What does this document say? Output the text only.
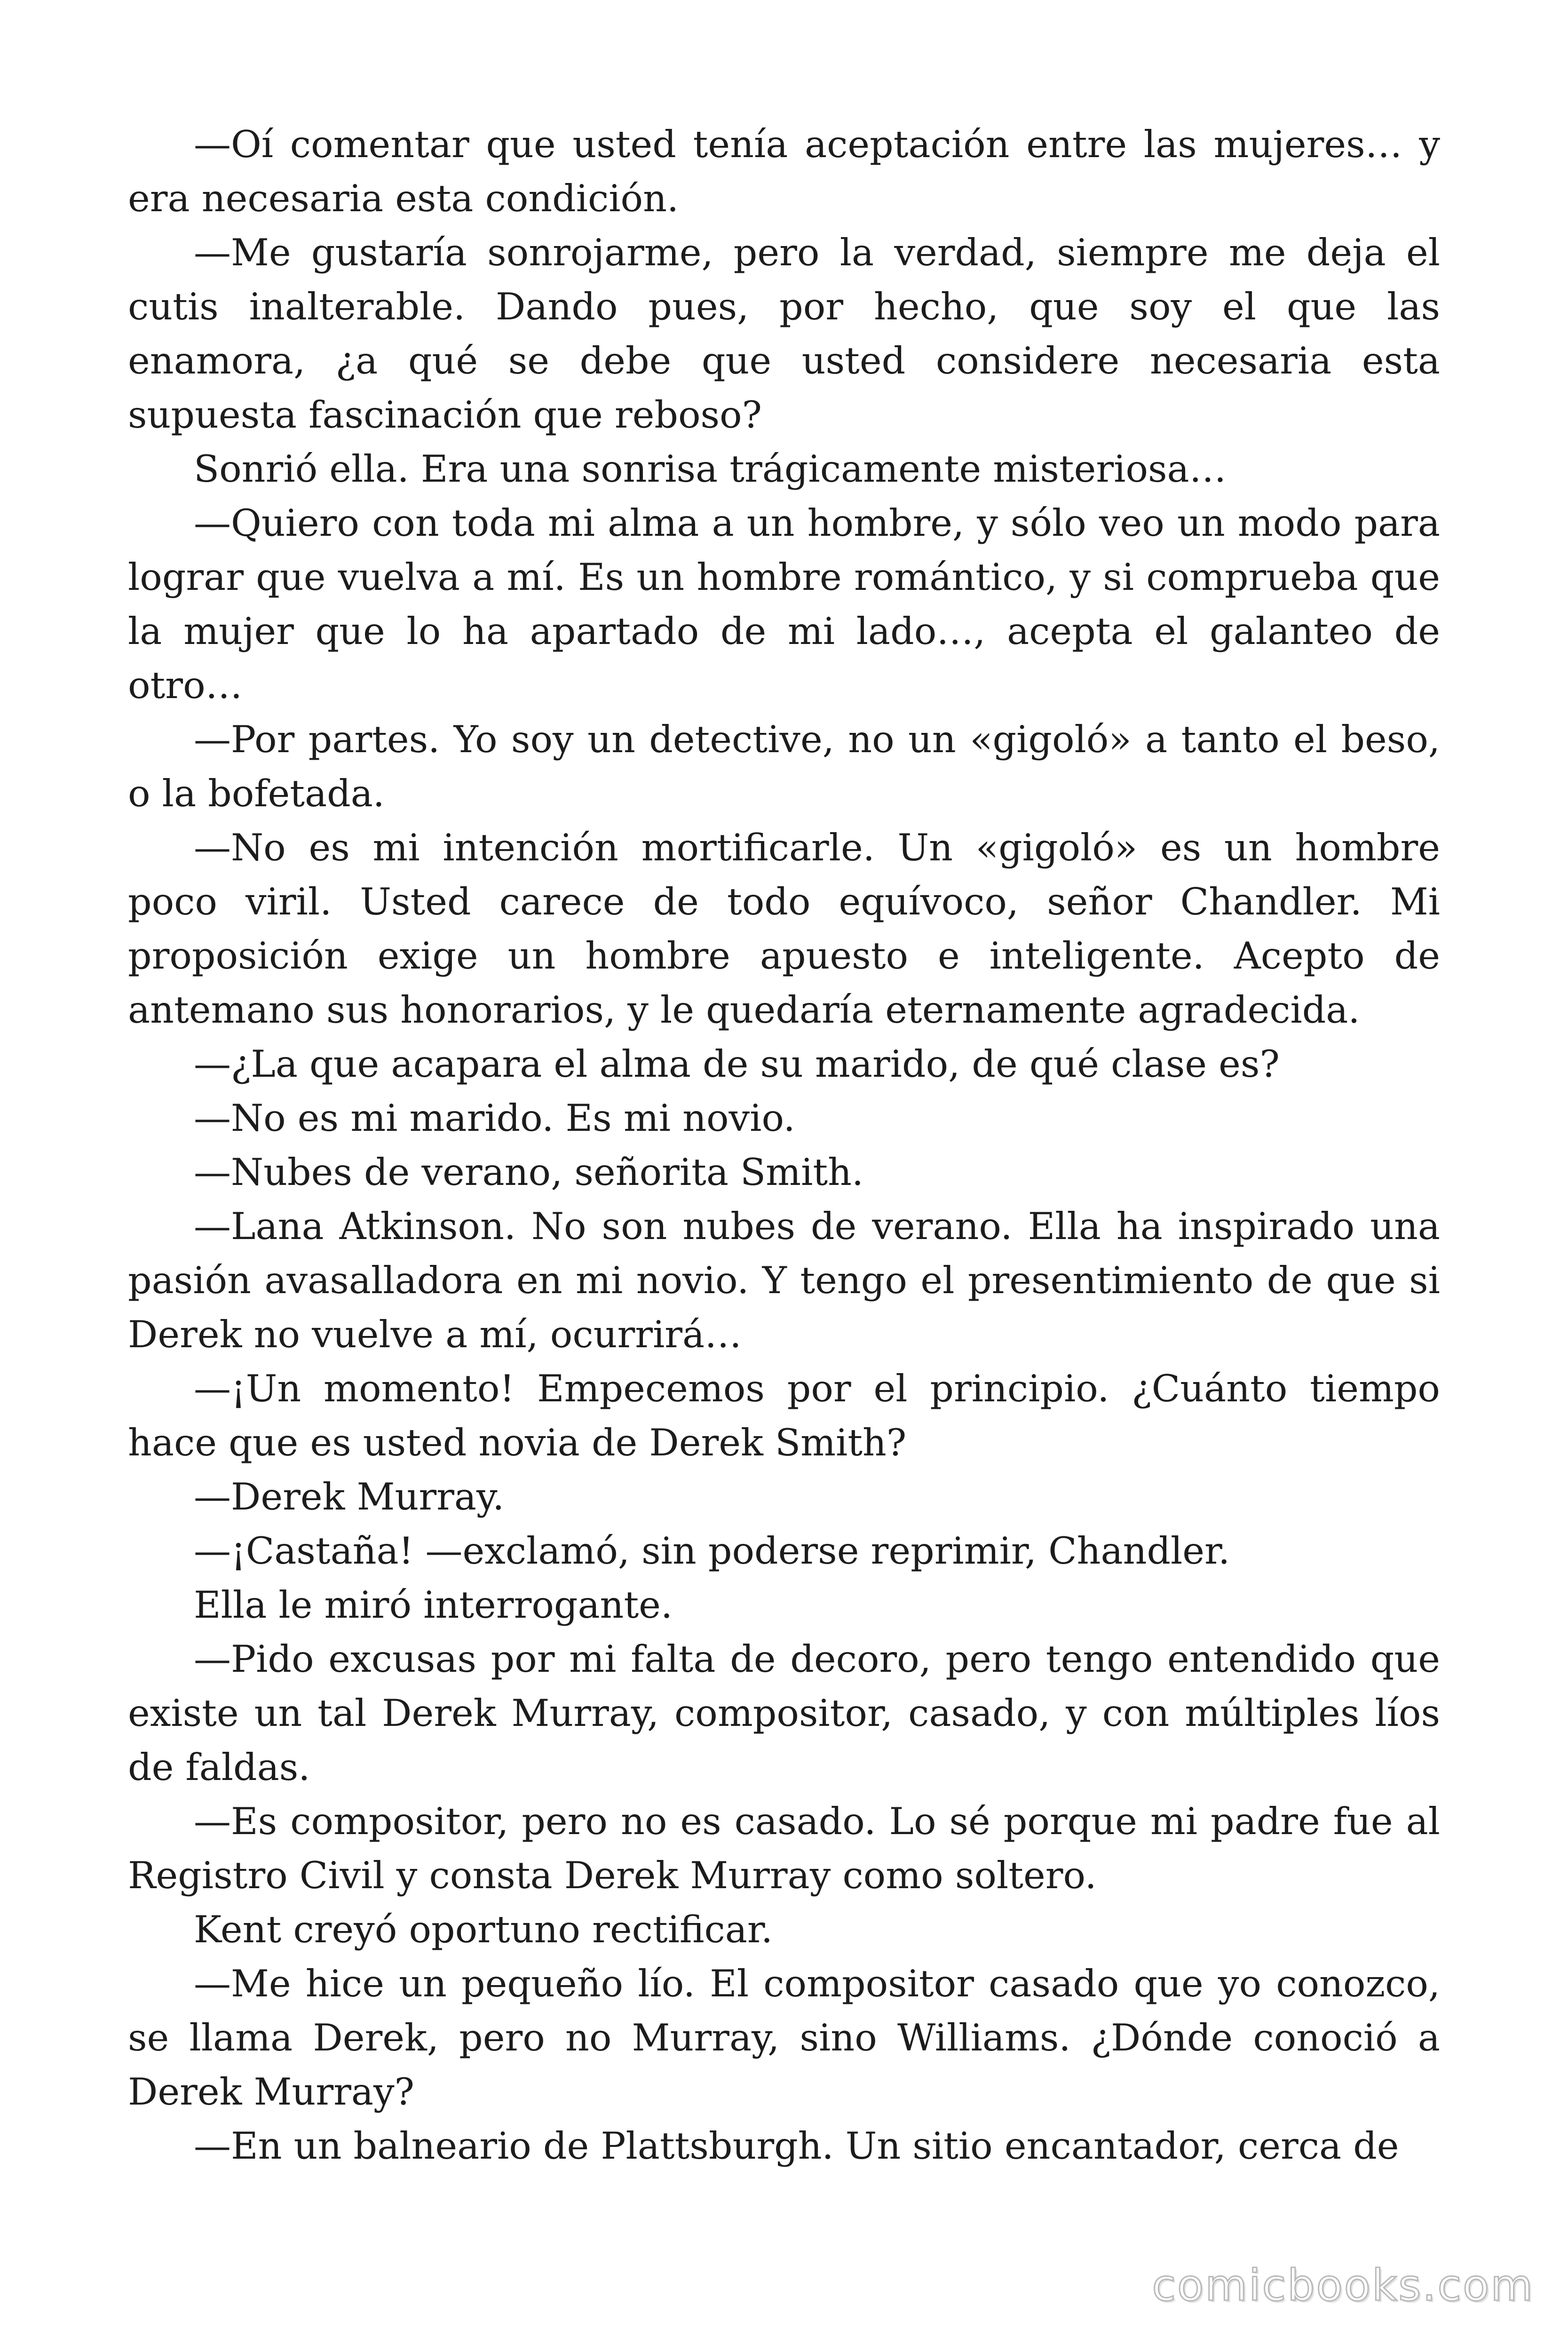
—Oí comentar que usted tenía aceptación entre las mujeres… y era necesaria esta condición.

—Me gustaría sonrojarme, pero la verdad, siempre me deja el cutis inalterable. Dando pues, por hecho, que soy el que las enamora, ¿a qué se debe que usted considere necesaria esta supuesta fascinación que reboso?

Sonrió ella. Era una sonrisa trágicamente misteriosa…

—Quiero con toda mi alma a un hombre, y sólo veo un modo para lograr que vuelva a mí. Es un hombre romántico, y si comprueba que la mujer que lo ha apartado de mi lado…, acepta el galanteo de otro…

—Por partes. Yo soy un detective, no un «gigoló» a tanto el beso, o la bofetada.

—No es mi intención mortificarle. Un «gigoló» es un hombre poco viril. Usted carece de todo equívoco, señor Chandler. Mi proposición exige un hombre apuesto e inteligente. Acepto de antemano sus honorarios, y le quedaría eternamente agradecida.

—¿La que acapara el alma de su marido, de qué clase es?

—No es mi marido. Es mi novio.

—Nubes de verano, señorita Smith.

—Lana Atkinson. No son nubes de verano. Ella ha inspirado una pasión avasalladora en mi novio. Y tengo el presentimiento de que si Derek no vuelve a mí, ocurrirá…

—¡Un momento! Empecemos por el principio. ¿Cuánto tiempo hace que es usted novia de Derek Smith?

—Derek Murray.

—¡Castaña! —exclamó, sin poderse reprimir, Chandler.

Ella le miró interrogante.

—Pido excusas por mi falta de decoro, pero tengo entendido que existe un tal Derek Murray, compositor, casado, y con múltiples líos de faldas.

—Es compositor, pero no es casado. Lo sé porque mi padre fue al Registro Civil y consta Derek Murray como soltero.

Kent creyó oportuno rectificar.

—Me hice un pequeño lío. El compositor casado que yo conozco, se llama Derek, pero no Murray, sino Williams. ¿Dónde conoció a Derek Murray?

—En un balneario de Plattsburgh. Un sitio encantador, cerca de

comicbooks.com
